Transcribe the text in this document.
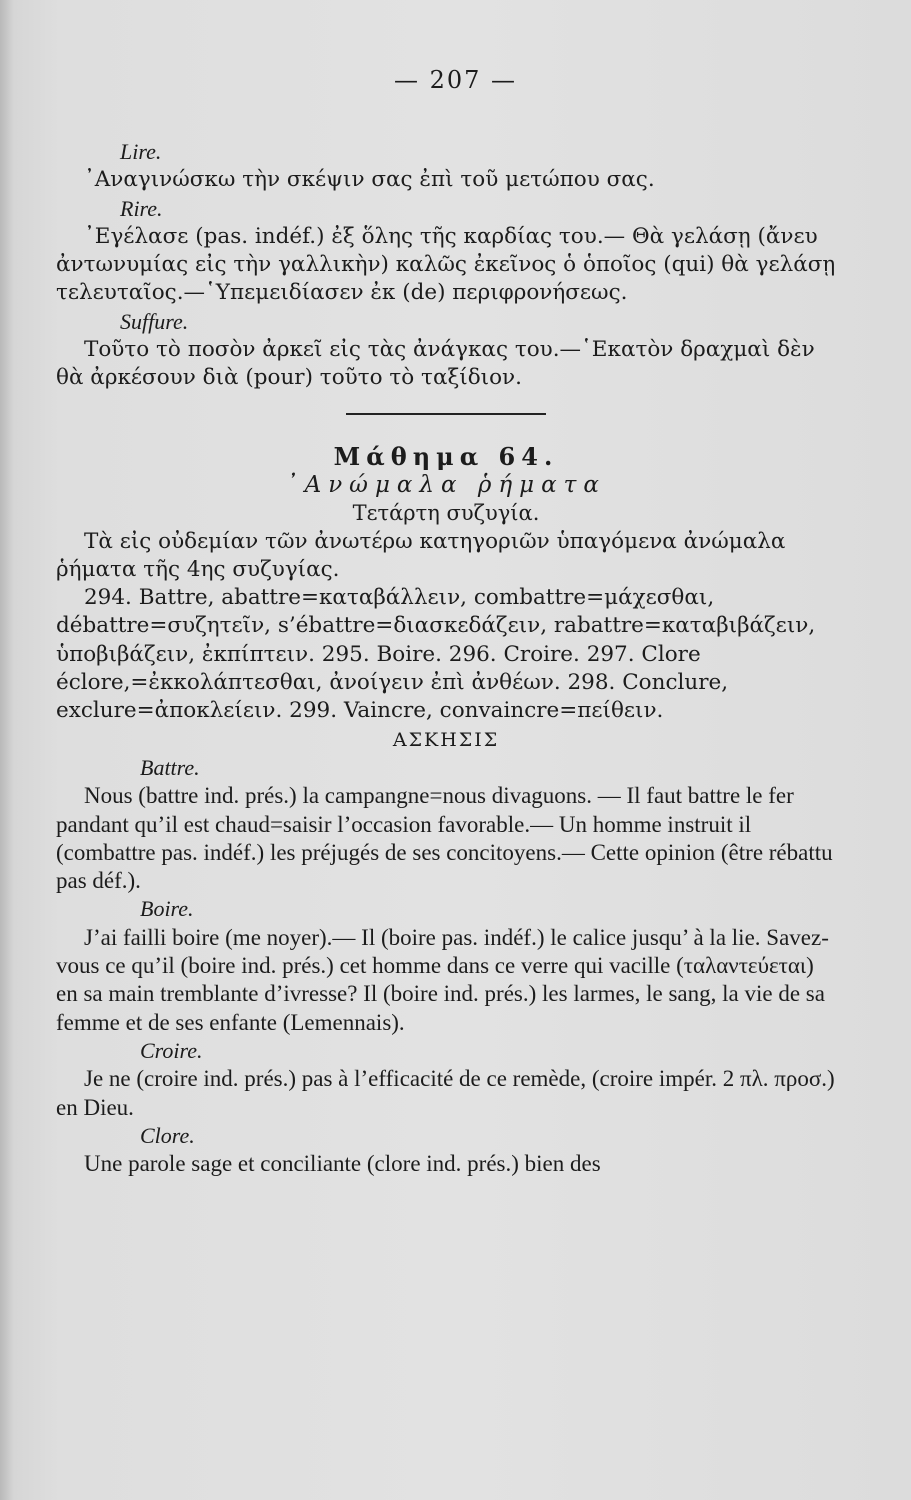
— 207 —

Lire.

᾿Αναγινώσκω τὴν σκέψιν σας ἐπὶ τοῦ μετώπου σας.

Rire.

᾿Εγέλασε (pas. indéf.) ἐξ ὅλης τῆς καρδίας του.— Θὰ γελάσῃ (ἄνευ ἀντωνυμίας εἰς τὴν γαλλικὴν) καλῶς ἐκεῖνος ὁ ὁποῖος (qui) θὰ γελάσῃ τελευταῖος.—῾Υπεμειδίασεν ἐκ (de) περιφρονήσεως.

Suffure.

Τοῦτο τὸ ποσὸν ἀρκεῖ εἰς τὰς ἀνάγκας του.—῾Εκατὸν δραχμαὶ δὲν θὰ ἀρκέσουν διὰ (pour) τοῦτο τὸ ταξίδιον.

Μάθημα 64.

᾿Ανώμαλα ῥήματα

Τετάρτη συζυγία.

Τὰ εἰς οὐδεμίαν τῶν ἀνωτέρω κατηγοριῶν ὑπαγόμενα ἀνώμαλα ῥήματα τῆς 4ης συζυγίας.

294. Battre, abattre=καταβάλλειν, combattre=μάχεσθαι, débattre=συζητεῖν, s’ébattre=διασκεδάζειν, rabattre=καταβιβάζειν, ὑποβιβάζειν, ἐκπίπτειν. 295. Boire. 296. Croire. 297. Clore éclore,=ἐκκολάπτεσθαι, ἀνοίγειν ἐπὶ ἀνθέων. 298. Conclure, exclure=ἀποκλείειν. 299. Vaincre, convaincre=πείθειν.

ΑΣΚΗΣΙΣ

Battre.

Nous (battre ind. prés.) la campangne=nous divaguons. — Il faut battre le fer pandant qu’il est chaud=saisir l’occasion favorable.— Un homme instruit il (combattre pas. indéf.) les préjugés de ses concitoyens.— Cette opinion (être rébattu pas déf.).

Boire.

J’ai failli boire (me noyer).— Il (boire pas. indéf.) le calice jusqu’ à la lie. Savez-vous ce qu’il (boire ind. prés.) cet homme dans ce verre qui vacille (ταλαντεύεται) en sa main tremblante d’ivresse? Il (boire ind. prés.) les larmes, le sang, la vie de sa femme et de ses enfante (Lemennais).

Croire.

Je ne (croire ind. prés.) pas à l’efficacité de ce remède, (croire impér. 2 πλ. προσ.) en Dieu.

Clore.

Une parole sage et conciliante (clore ind. prés.) bien des
